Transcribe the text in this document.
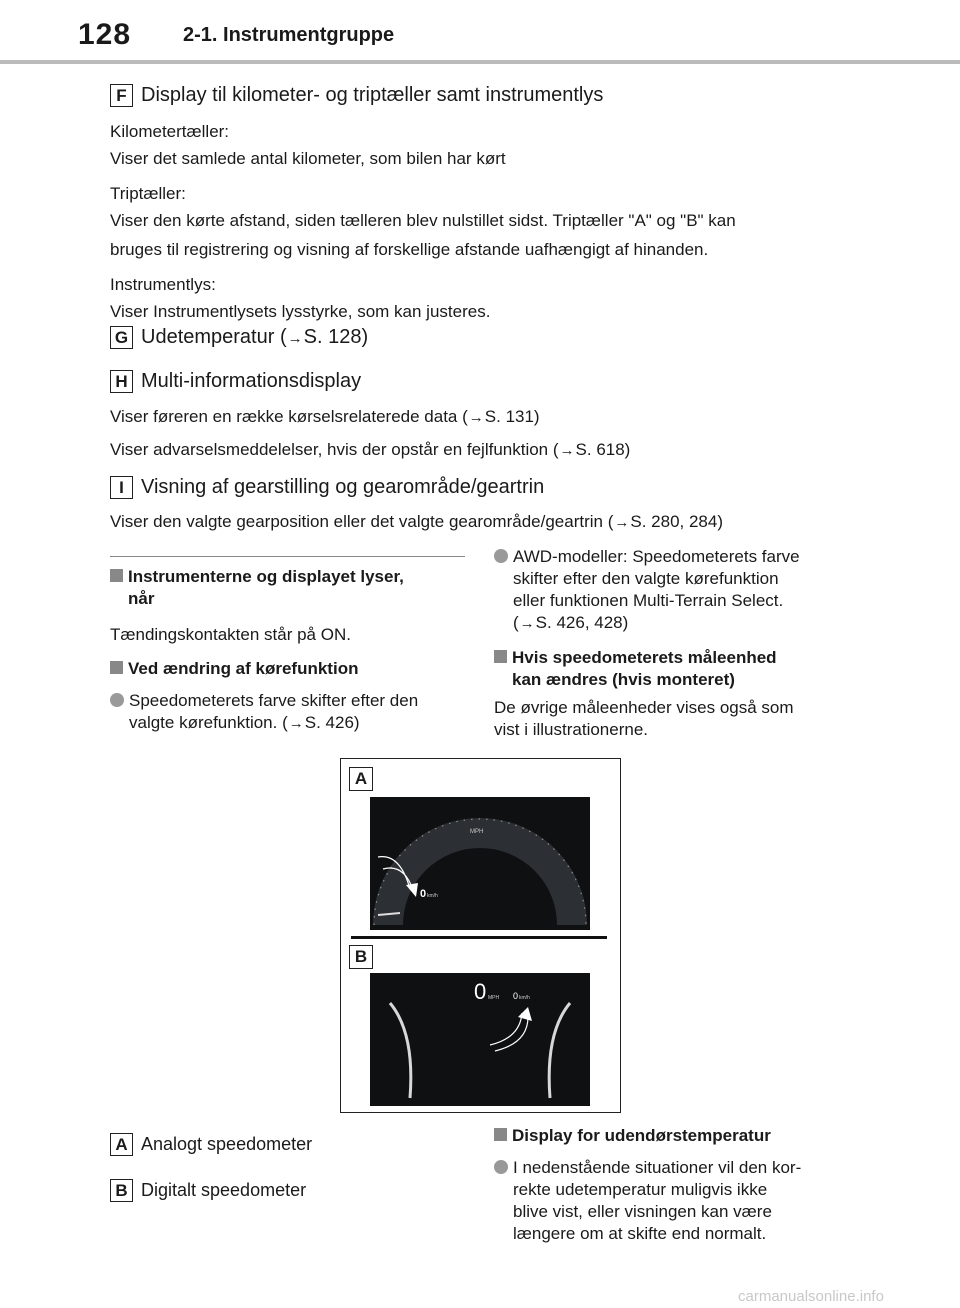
128	2-1. Instrumentgruppe
F Display til kilometer- og triptæller samt instrumentlys
Kilometertæller:
Viser det samlede antal kilometer, som bilen har kørt
Triptæller:
Viser den kørte afstand, siden tælleren blev nulstillet sidst. Triptæller "A" og "B" kan
bruges til registrering og visning af forskellige afstande uafhængigt af hinanden.
Instrumentlys:
Viser Instrumentlysets lysstyrke, som kan justeres.
G Udetemperatur (→S. 128)
H Multi-informationsdisplay
Viser føreren en række kørselsrelaterede data (→S. 131)
Viser advarselsmeddelelser, hvis der opstår en fejlfunktion (→S. 618)
I Visning af gearstilling og gearområde/geartrin
Viser den valgte gearposition eller det valgte gearområde/geartrin (→S. 280, 284)
Instrumenterne og displayet lyser,
når
Tændingskontakten står på ON.
Ved ændring af kørefunktion
Speedometerets farve skifter efter den
valgte kørefunktion. (→S. 426)
AWD-modeller: Speedometerets farve
skifter efter den valgte kørefunktion
eller funktionen Multi-Terrain Select.
(→S. 426, 428)
Hvis speedometerets måleenhed
kan ændres (hvis monteret)
De øvrige måleenheder vises også som
vist i illustrationerne.
A
MPH
0 km/h
B
0 MPH 0 km/h
A Analogt speedometer
B Digitalt speedometer
Display for udendørstemperatur
I nedenstående situationer vil den kor-
rekte udetemperatur muligvis ikke
blive vist, eller visningen kan være
længere om at skifte end normalt.
carmanualsonline.info
